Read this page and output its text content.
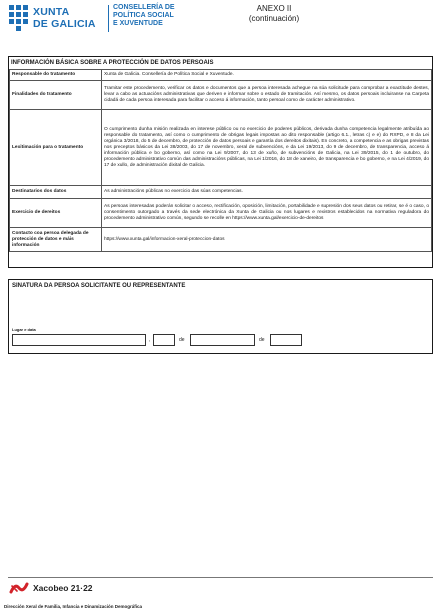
XUNTA
DE GALICIA
CONSELLERÍA DE
POLÍTICA SOCIAL
E XUVENTUDE
ANEXO II
(continuación)
INFORMACIÓN BÁSICA SOBRE A PROTECCIÓN DE DATOS PERSOAIS
Responsable do tratamento	Xunta de Galicia. Consellería de Política Social e Xuventude.
Finalidades do tratamento	Tramitar este procedemento, verificar os datos e documentos que a persoa interesada achegue na súa solicitude para comprobar a exactitude destes, levar a cabo as actuacións administrativas que deriven e informar sobre o estado de tramitación. Así mesmo, os datos persoais incluiranse na Carpeta cidadá de cada persoa interesada para facilitar o acceso á información, tanto persoal como de carácter administrativo.
Lexitimación para o tratamento	O cumprimento dunha misión realizada en interese público ou no exercicio de poderes públicos, derivada dunha competencia legalmente atribuída ao responsable do tratamento, así como o cumprimento de obrigas legais impostas ao dito responsable (artigo 6.1., letras c) e e) do RXPD, e 8 da Lei orgánica 3/2018, do 5 de decembro, de protección de datos persoais e garantía dos dereitos dixitais). En concreto, a competencia e as obrigas previstas nos preceptos básicos da Lei 38/2003, do 17 de novembro, xeral de subvencións, e da Lei 19/2013, do 9 de decembro, de transparencia, acceso á información pública e bo goberno, así como na Lei 9/2007, do 13 de xuño, de subvencións de Galicia, na Lei 39/2015, do 1 de outubro, do procedemento administrativo común das administracións públicas, na Lei 1/2016, do 18 de xaneiro, de transparencia e bo goberno, e na Lei 4/2019, do 17 de xullo, de administración dixital de Galicia.
Destinatarios dos datos	As administracións públicas no exercicio das súas competencias.
Exercicio de dereitos	As persoas interesadas poderán solicitar o acceso, rectificación, oposición, limitación, portabilidade e supresión dos seus datos ou retirar, se é o caso, o consentimento outorgado a través da sede electrónica da Xunta de Galicia ou nos lugares e rexistros establecidos na normativa reguladora do procedemento administrativo común, segundo se recolle en https://www.xunta.gal/exercicio-de-dereitos
Contacto coa persoa delegada de protección de datos e máis información	https://www.xunta.gal/informacion-xeral-proteccion-datos
SINATURA DA PERSOA SOLICITANTE OU REPRESENTANTE
Lugar e data
,	de	de
Xacobeo 21·22
Dirección Xeral de Familia, Infancia e Dinamización Demográfica
